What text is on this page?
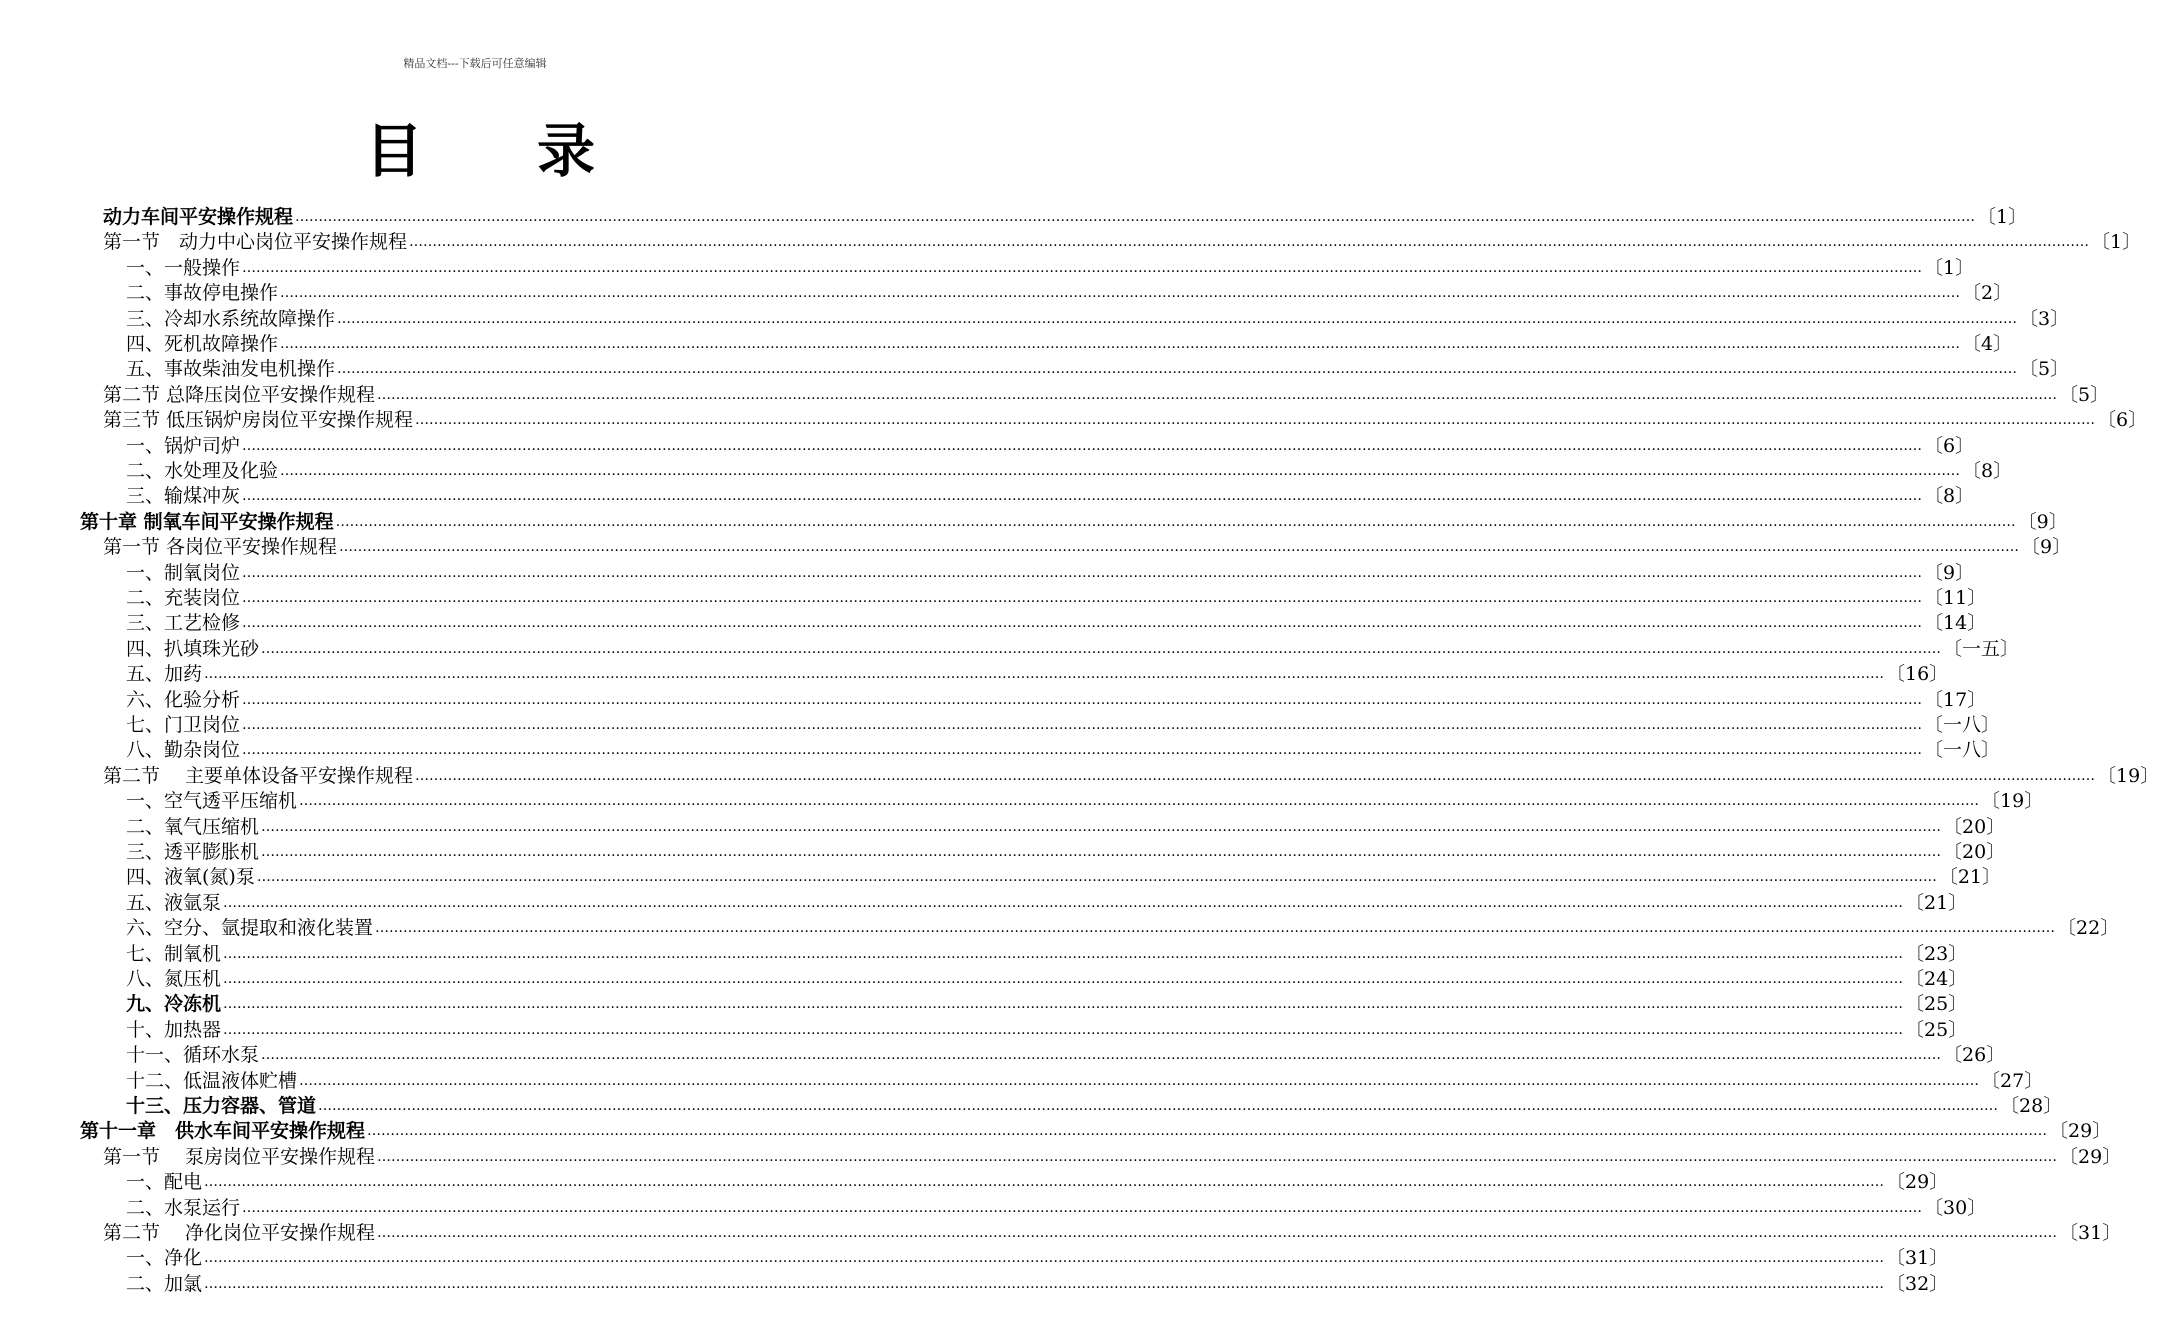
精品文档---下载后可任意编辑
目 录
动力车间平安操作规程 ……………………………………………………………………………………………………………………………………………………………………………………………………………………………………………………………………………………………………………………………… 〔1〕
第一节　动力中心岗位平安操作规程 ……………………………………………………………………………………………………………………………………………………………………………………………………………………………………………………………………………………………………………………………… 〔1〕
一、一般操作 ……………………………………………………………………………………………………………………………………………………………………………………………………………………………………………………………………………………………………………………………… 〔1〕
二、事故停电操作 ……………………………………………………………………………………………………………………………………………………………………………………………………………………………………………………………………………………………………………………………… 〔2〕
三、冷却水系统故障操作 ……………………………………………………………………………………………………………………………………………………………………………………………………………………………………………………………………………………………………………………………… 〔3〕
四、死机故障操作 ……………………………………………………………………………………………………………………………………………………………………………………………………………………………………………………………………………………………………………………………… 〔4〕
五、事故柴油发电机操作 ……………………………………………………………………………………………………………………………………………………………………………………………………………………………………………………………………………………………………………………………… 〔5〕
第二节 总降压岗位平安操作规程 ……………………………………………………………………………………………………………………………………………………………………………………………………………………………………………………………………………………………………………………………… 〔5〕
第三节 低压锅炉房岗位平安操作规程 ……………………………………………………………………………………………………………………………………………………………………………………………………………………………………………………………………………………………………………………………… 〔6〕
一、锅炉司炉 ……………………………………………………………………………………………………………………………………………………………………………………………………………………………………………………………………………………………………………………………… 〔6〕
二、水处理及化验 ……………………………………………………………………………………………………………………………………………………………………………………………………………………………………………………………………………………………………………………………… 〔8〕
三、输煤冲灰 ……………………………………………………………………………………………………………………………………………………………………………………………………………………………………………………………………………………………………………………………… 〔8〕
第十章 制氧车间平安操作规程 ……………………………………………………………………………………………………………………………………………………………………………………………………………………………………………………………………………………………………………………………… 〔9〕
第一节 各岗位平安操作规程 ……………………………………………………………………………………………………………………………………………………………………………………………………………………………………………………………………………………………………………………………… 〔9〕
一、制氧岗位 ……………………………………………………………………………………………………………………………………………………………………………………………………………………………………………………………………………………………………………………………… 〔9〕
二、充装岗位 ……………………………………………………………………………………………………………………………………………………………………………………………………………………………………………………………………………………………………………………………… 〔11〕
三、工艺检修 ……………………………………………………………………………………………………………………………………………………………………………………………………………………………………………………………………………………………………………………………… 〔14〕
四、扒填珠光砂 ……………………………………………………………………………………………………………………………………………………………………………………………………………………………………………………………………………………………………………………………… 〔一五〕
五、加药 ……………………………………………………………………………………………………………………………………………………………………………………………………………………………………………………………………………………………………………………………… 〔16〕
六、化验分析 ……………………………………………………………………………………………………………………………………………………………………………………………………………………………………………………………………………………………………………………………… 〔17〕
七、门卫岗位 ……………………………………………………………………………………………………………………………………………………………………………………………………………………………………………………………………………………………………………………………… 〔一八〕
八、勤杂岗位 ……………………………………………………………………………………………………………………………………………………………………………………………………………………………………………………………………………………………………………………………… 〔一八〕
第二节　 主要单体设备平安操作规程 ……………………………………………………………………………………………………………………………………………………………………………………………………………………………………………………………………………………………………………………………… 〔19〕
一、空气透平压缩机 ……………………………………………………………………………………………………………………………………………………………………………………………………………………………………………………………………………………………………………………………… 〔19〕
二、氧气压缩机 ……………………………………………………………………………………………………………………………………………………………………………………………………………………………………………………………………………………………………………………………… 〔20〕
三、透平膨胀机 ……………………………………………………………………………………………………………………………………………………………………………………………………………………………………………………………………………………………………………………………… 〔20〕
四、液氧(氮)泵 ……………………………………………………………………………………………………………………………………………………………………………………………………………………………………………………………………………………………………………………………… 〔21〕
五、液氩泵 ……………………………………………………………………………………………………………………………………………………………………………………………………………………………………………………………………………………………………………………………… 〔21〕
六、空分、氩提取和液化装置 ……………………………………………………………………………………………………………………………………………………………………………………………………………………………………………………………………………………………………………………………… 〔22〕
七、制氧机 ……………………………………………………………………………………………………………………………………………………………………………………………………………………………………………………………………………………………………………………………… 〔23〕
八、氮压机 ……………………………………………………………………………………………………………………………………………………………………………………………………………………………………………………………………………………………………………………………… 〔24〕
九、冷冻机 ……………………………………………………………………………………………………………………………………………………………………………………………………………………………………………………………………………………………………………………………… 〔25〕
十、加热器 ……………………………………………………………………………………………………………………………………………………………………………………………………………………………………………………………………………………………………………………………… 〔25〕
十一、循环水泵 ……………………………………………………………………………………………………………………………………………………………………………………………………………………………………………………………………………………………………………………………… 〔26〕
十二、低温液体贮槽 ……………………………………………………………………………………………………………………………………………………………………………………………………………………………………………………………………………………………………………………………… 〔27〕
十三、压力容器、管道 ……………………………………………………………………………………………………………………………………………………………………………………………………………………………………………………………………………………………………………………………… 〔28〕
第十一章　供水车间平安操作规程 ……………………………………………………………………………………………………………………………………………………………………………………………………………………………………………………………………………………………………………………………… 〔29〕
第一节　 泵房岗位平安操作规程 ……………………………………………………………………………………………………………………………………………………………………………………………………………………………………………………………………………………………………………………………… 〔29〕
一、配电 ……………………………………………………………………………………………………………………………………………………………………………………………………………………………………………………………………………………………………………………………… 〔29〕
二、水泵运行 ……………………………………………………………………………………………………………………………………………………………………………………………………………………………………………………………………………………………………………………………… 〔30〕
第二节　 净化岗位平安操作规程 ……………………………………………………………………………………………………………………………………………………………………………………………………………………………………………………………………………………………………………………………… 〔31〕
一、净化 ……………………………………………………………………………………………………………………………………………………………………………………………………………………………………………………………………………………………………………………………… 〔31〕
二、加氯 ……………………………………………………………………………………………………………………………………………………………………………………………………………………………………………………………………………………………………………………………… 〔32〕
